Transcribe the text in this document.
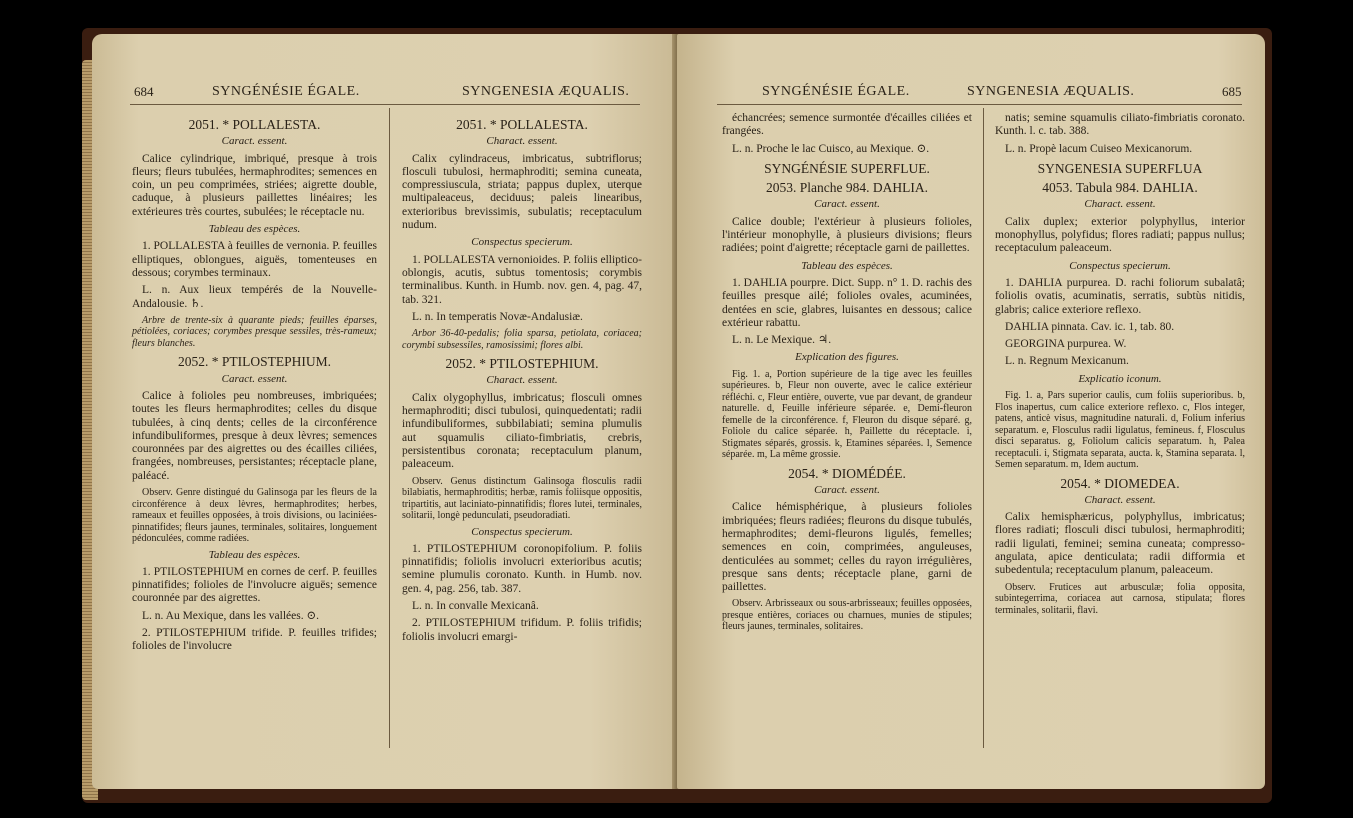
684	SYNGÉNÉSIE ÉGALE.	SYNGENESIA ÆQUALIS.
2051. * POLLALESTA.
Caract. essent.

Calice cylindrique, imbriqué, presque à trois fleurs; fleurs tubulées, hermaphrodites; semences en coin, un peu comprimées, striées; aigrette double, caduque, à plusieurs paillettes linéaires; les extérieures très courtes, subulées; le réceptacle nu.

Tableau des espèces.

1. POLLALESTA à feuilles de vernonia. P. feuilles elliptiques, oblongues, aiguës, tomenteuses en dessous; corymbes terminaux.

L. n. Aux lieux tempérés de la Nouvelle-Andalousie. ♄.

Arbre de trente-six à quarante pieds; feuilles éparses, pétiolées, coriaces; corymbes presque sessiles, très-rameux; fleurs blanches.

2052. * PTILOSTEPHIUM.
Caract. essent.

Calice à folioles peu nombreuses, imbriquées; toutes les fleurs hermaphrodites; celles du disque tubulées, à cinq dents; celles de la circonférence infundibuliformes, presque à deux lèvres; semences couronnées par des aigrettes ou des écailles ciliées, frangées, nombreuses, persistantes; réceptacle plane, paléacé.

Observ. Genre distingué du Galinsoga par les fleurs de la circonférence à deux lèvres, hermaphrodites; herbes, rameaux et feuilles opposées, à trois divisions, ou laciniées-pinnatifides; fleurs jaunes, terminales, solitaires, longuement pédonculées, comme radiées.

Tableau des espèces.

1. PTILOSTEPHIUM en cornes de cerf. P. feuilles pinnatifides; folioles de l'involucre aiguës; semence couronnée par des aigrettes.

L. n. Au Mexique, dans les vallées. ⊙.

2. PTILOSTEPHIUM trifide. P. feuilles trifides; folioles de l'involucre

2051. * POLLALESTA.
Charact. essent.

Calix cylindraceus, imbricatus, subtriflorus; flosculi tubulosi, hermaphroditi; semina cuneata, compressiuscula, striata; pappus duplex, uterque multipaleaceus, deciduus; paleis linearibus, exterioribus brevissimis, subulatis; receptaculum nudum.

Conspectus specierum.

1. POLLALESTA vernonioides. P. foliis elliptico-oblongis, acutis, subtus tomentosis; corymbis terminalibus. Kunth. in Humb. nov. gen. 4, pag. 47, tab. 321.

L. n. In temperatis Novæ-Andalusiæ.

Arbor 36-40-pedalis; folia sparsa, petiolata, coriacea; corymbi subsessiles, ramosissimi; flores albi.

2052. * PTILOSTEPHIUM.
Charact. essent.

Calix olygophyllus, imbricatus; flosculi omnes hermaphroditi; disci tubulosi, quinquedentati; radii infundibuliformes, subbilabiati; semina plumulis aut squamulis ciliato-fimbriatis, crebris, persistentibus coronata; receptaculum planum, paleaceum.

Observ. Genus distinctum Galinsoga flosculis radii bilabiatis, hermaphroditis; herbæ, ramis foliisque oppositis, tripartitis, aut laciniato-pinnatifidis; flores lutei, terminales, solitarii, longè pedunculati, pseudoradiati.

Conspectus specierum.

1. PTILOSTEPHIUM coronopifolium. P. foliis pinnatifidis; foliolis involucri exterioribus acutis; semine plumulis coronato. Kunth. in Humb. nov. gen. 4, pag. 256, tab. 387.

L. n. In convalle Mexicanâ.

2. PTILOSTEPHIUM trifidum. P. foliis trifidis; foliolis involucri emargi-

SYNGÉNÉSIE ÉGALE.	SYNGENESIA ÆQUALIS.	685

échancrées; semence surmontée d'écailles ciliées et frangées.

L. n. Proche le lac Cuisco, au Mexique. ⊙.

SYNGÉNÉSIE SUPERFLUE.
2053. Planche 984. DAHLIA.
Caract. essent.

Calice double; l'extérieur à plusieurs folioles, l'intérieur monophylle, à plusieurs divisions; fleurs radiées; point d'aigrette; réceptacle garni de paillettes.

Tableau des espèces.

1. DAHLIA pourpre. Dict. Supp. n° 1. D. rachis des feuilles presque ailé; folioles ovales, acuminées, dentées en scie, glabres, luisantes en dessous; calice extérieur rabattu.

L. n. Le Mexique. ♃.

Explication des figures.

Fig. 1. a, Portion supérieure de la tige avec les feuilles supérieures. b, Fleur non ouverte, avec le calice extérieur réfléchi. c, Fleur entière, ouverte, vue par devant, de grandeur naturelle. d, Feuille inférieure séparée. e, Demi-fleuron femelle de la circonférence. f, Fleuron du disque séparé. g, Foliole du calice séparée. h, Paillette du réceptacle. i, Stigmates séparés, grossis. k, Etamines séparées. l, Semence séparée. m, La même grossie.

2054. * DIOMÉDÉE.
Caract. essent.

Calice hémisphérique, à plusieurs folioles imbriquées; fleurs radiées; fleurons du disque tubulés, hermaphrodites; demi-fleurons ligulés, femelles; semences en coin, comprimées, anguleuses, denticulées au sommet; celles du rayon irrégulières, presque sans dents; réceptacle plane, garni de paillettes.

Observ. Arbrisseaux ou sous-arbrisseaux; feuilles opposées, presque entières, coriaces ou charnues, munies de stipules; fleurs jaunes, terminales, solitaires.

natis; semine squamulis ciliato-fimbriatis coronato. Kunth. l. c. tab. 388.

L. n. Propè lacum Cuiseo Mexicanorum.

SYNGENESIA SUPERFLUA
4053. Tabula 984. DAHLIA.
Charact. essent.

Calix duplex; exterior polyphyllus, interior monophyllus, polyfidus; flores radiati; pappus nullus; receptaculum paleaceum.

Conspectus specierum.

1. DAHLIA purpurea. D. rachi foliorum subalatâ; foliolis ovatis, acuminatis, serratis, subtùs nitidis, glabris; calice exteriore reflexo.

DAHLIA pinnata. Cav. ic. 1, tab. 80.

GEORGINA purpurea. W.

L. n. Regnum Mexicanum.

Explicatio iconum.

Fig. 1. a, Pars superior caulis, cum foliis superioribus. b, Flos inapertus, cum calice exteriore reflexo. c, Flos integer, patens, anticè visus, magnitudine naturali. d, Folium inferius separatum. e, Flosculus radii ligulatus, femineus. f, Flosculus disci separatus. g, Foliolum calicis separatum. h, Palea receptaculi. i, Stigmata separata, aucta. k, Stamina separata. l, Semen separatum. m, Idem auctum.

2054. * DIOMEDEA.
Charact. essent.

Calix hemisphæricus, polyphyllus, imbricatus; flores radiati; flosculi disci tubulosi, hermaphroditi; radii ligulati, feminei; semina cuneata; compresso-angulata, apice denticulata; radii difformia et subedentula; receptaculum planum, paleaceum.

Observ. Frutices aut arbusculæ; folia opposita, subintegerrima, coriacea aut carnosa, stipulata; flores terminales, solitarii, flavi.
